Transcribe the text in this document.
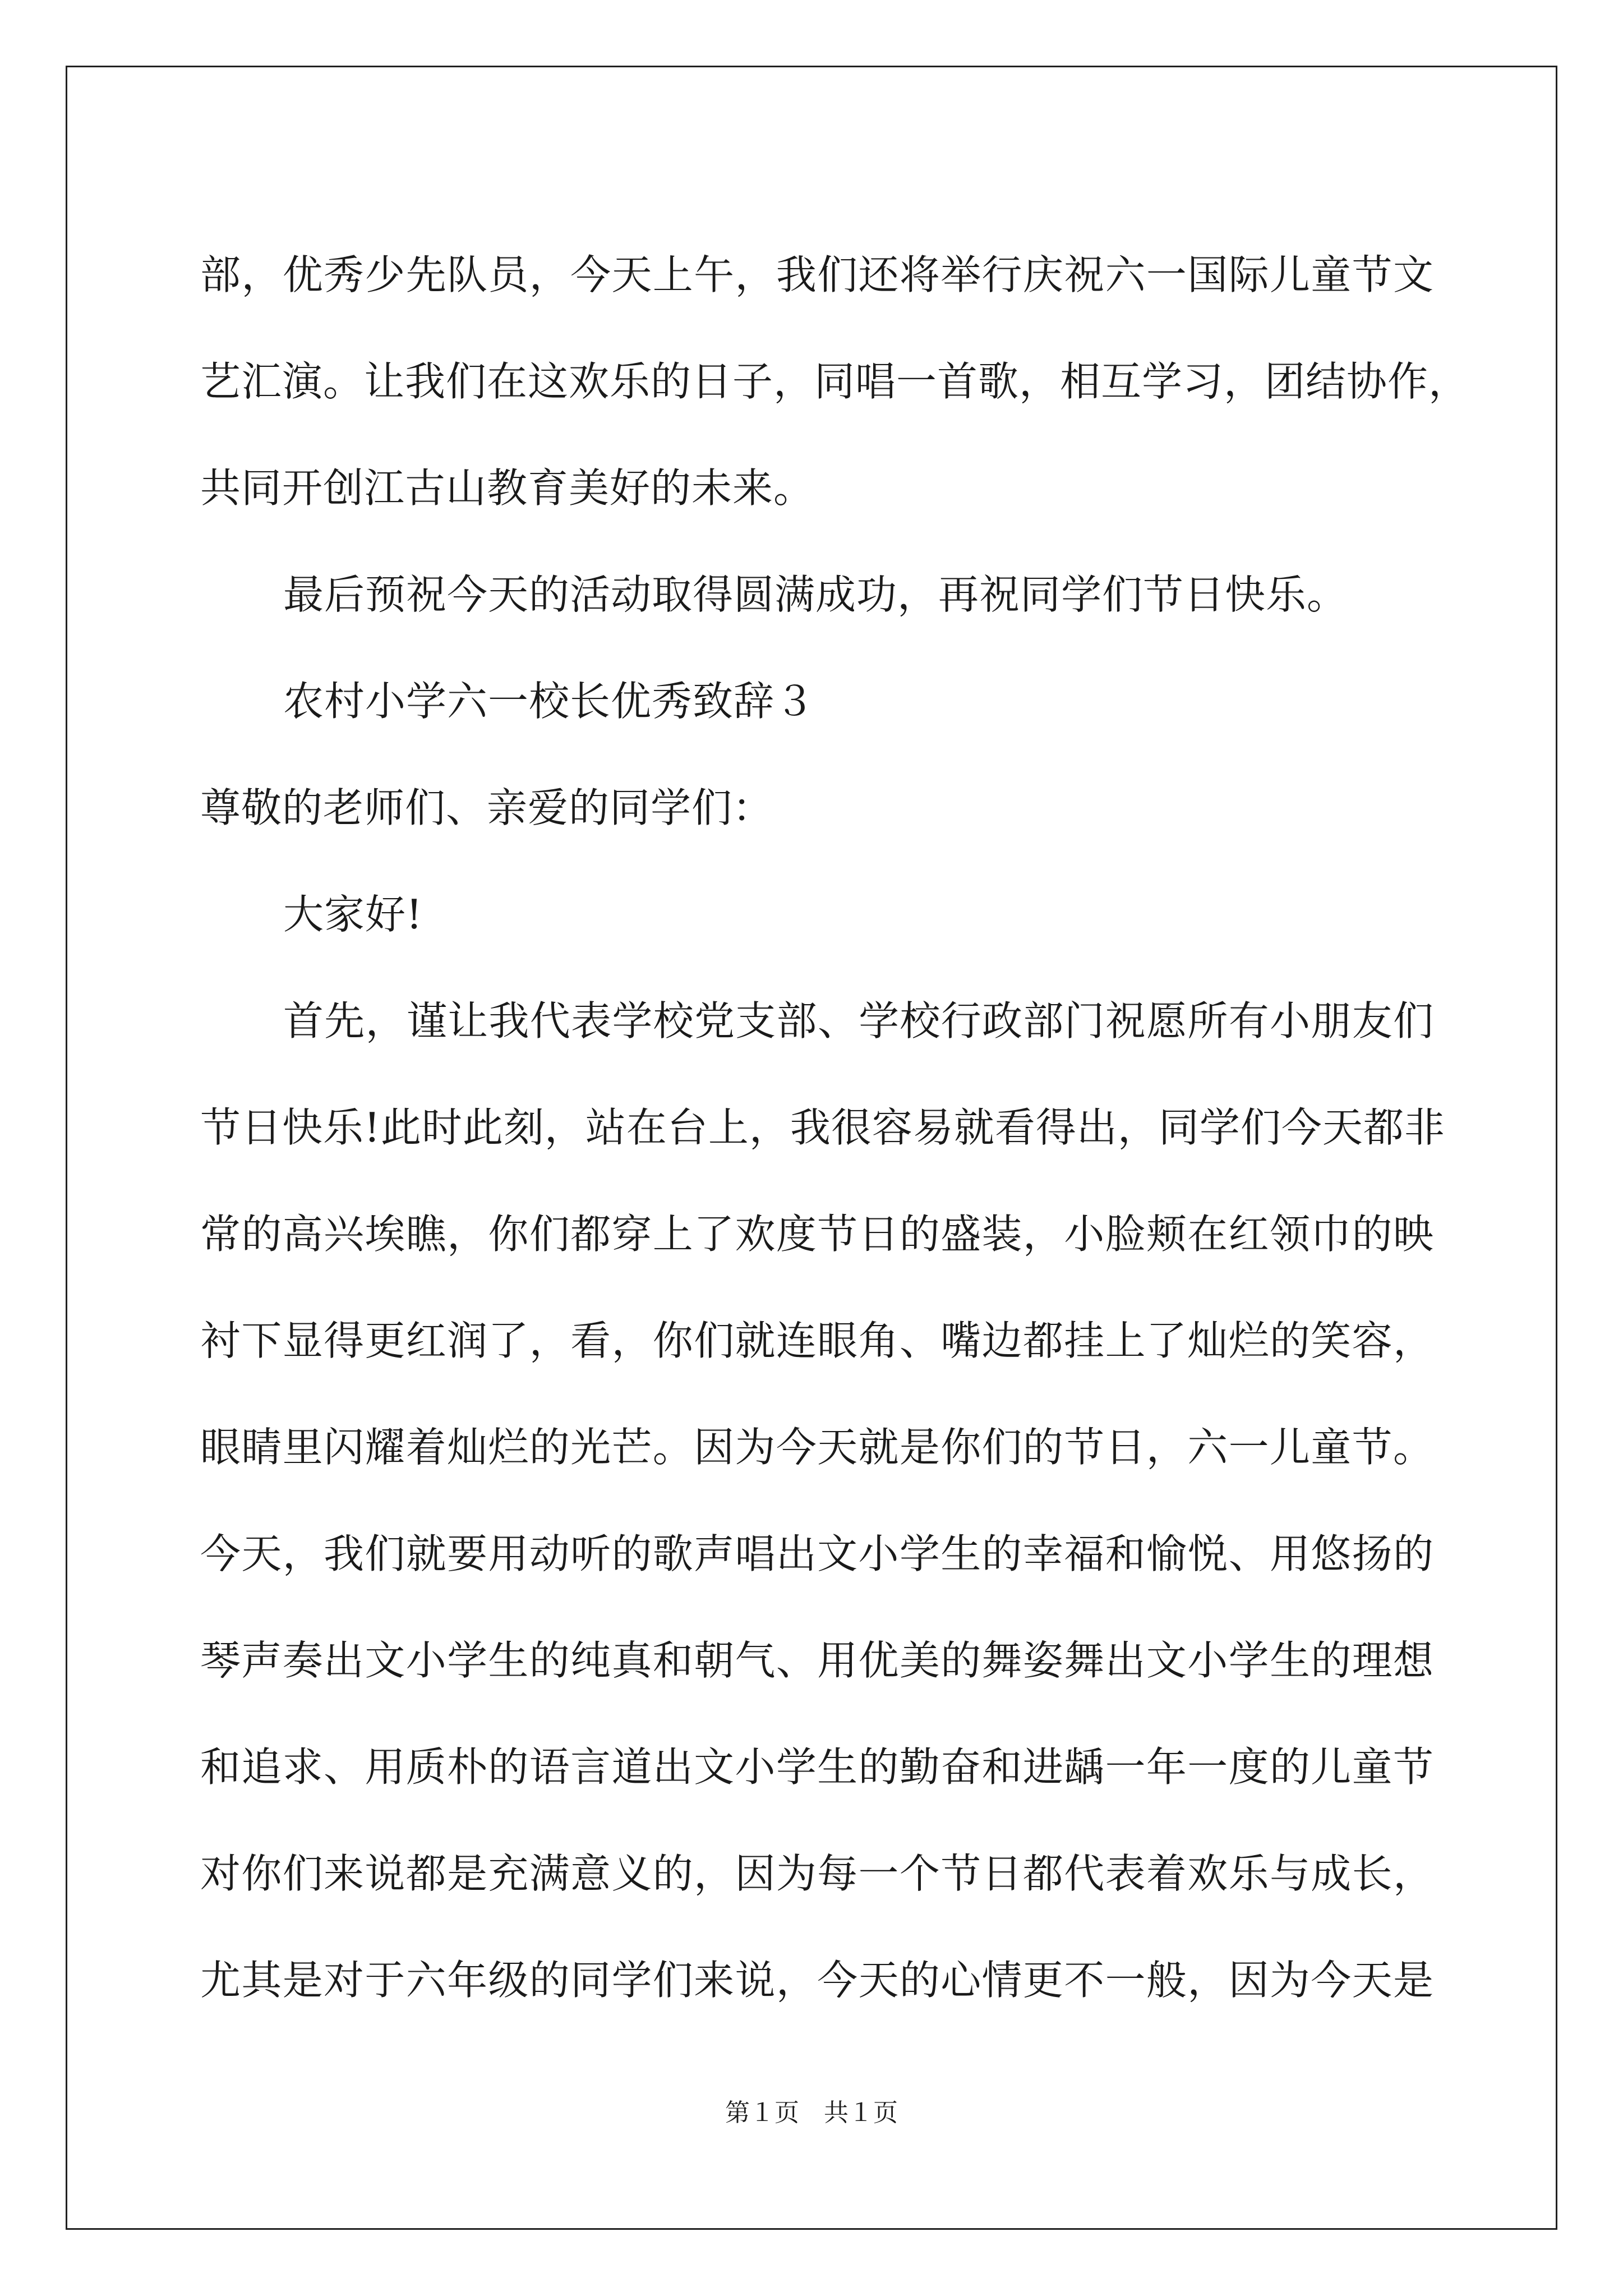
部，优秀少先队员，今天上午，我们还将举行庆祝六一国际儿童节文
艺汇演。让我们在这欢乐的日子，同唱一首歌，相互学习，团结协作，
共同开创江古山教育美好的未来。
最后预祝今天的活动取得圆满成功，再祝同学们节日快乐。
农村小学六一校长优秀致辞３
尊敬的老师们、亲爱的同学们：
大家好!
首先，谨让我代表学校党支部、学校行政部门祝愿所有小朋友们
节日快乐!此时此刻，站在台上，我很容易就看得出，同学们今天都非
常的高兴埃瞧，你们都穿上了欢度节日的盛装，小脸颊在红领巾的映
衬下显得更红润了，看，你们就连眼角、嘴边都挂上了灿烂的笑容，
眼睛里闪耀着灿烂的光芒。因为今天就是你们的节日，六一儿童节。
今天，我们就要用动听的歌声唱出文小学生的幸福和愉悦、用悠扬的
琴声奏出文小学生的纯真和朝气、用优美的舞姿舞出文小学生的理想
和追求、用质朴的语言道出文小学生的勤奋和进龋一年一度的儿童节
对你们来说都是充满意义的，因为每一个节日都代表着欢乐与成长，
尤其是对于六年级的同学们来说，今天的心情更不一般，因为今天是
第１页　共１页
